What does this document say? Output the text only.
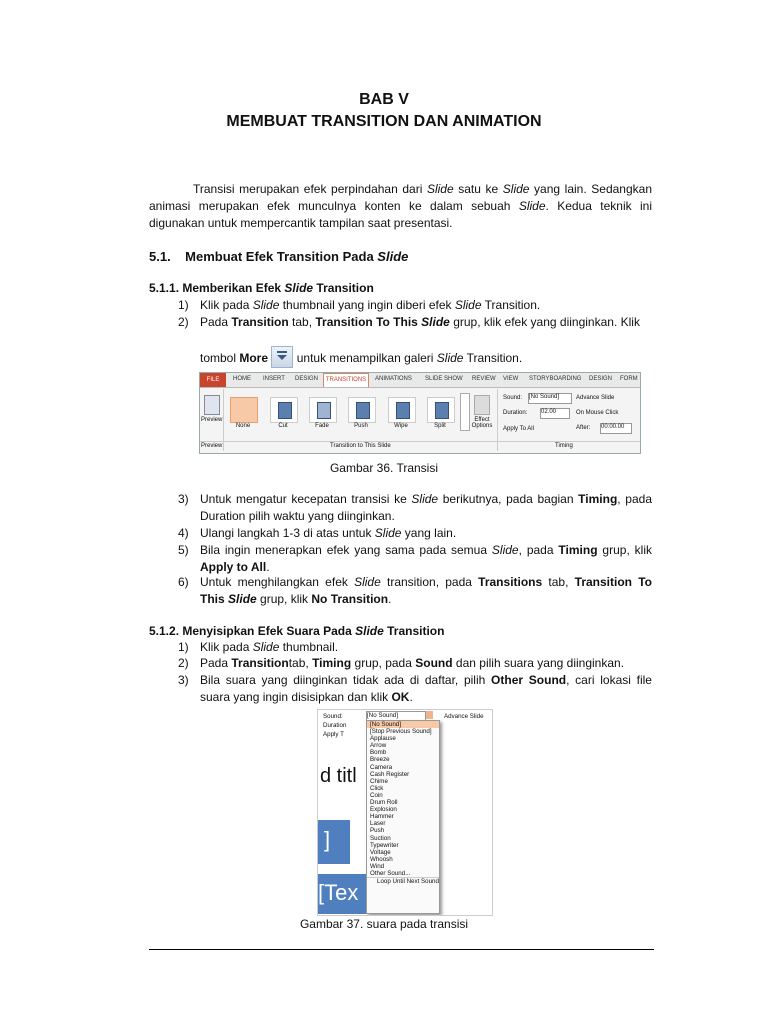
BAB V
MEMBUAT TRANSITION DAN ANIMATION
Transisi merupakan efek perpindahan dari Slide satu ke Slide yang lain. Sedangkan animasi merupakan efek munculnya konten ke dalam sebuah Slide. Kedua teknik ini digunakan untuk mempercantik tampilan saat presentasi.
5.1.    Membuat Efek Transition Pada Slide
5.1.1. Memberikan Efek Slide Transition
1) Klik pada Slide thumbnail yang ingin diberi efek Slide Transition.
2) Pada Transition tab, Transition To This Slide grup, klik efek yang diinginkan. Klik
tombol More
untuk menampilkan galeri Slide Transition.
FILE	HOME INSERT DESIGN	TRANSITIONS	ANIMATIONS SLIDE SHOW REVIEW VIEW STORYBOARDING DESIGN FORM
Preview
Preview
None	Cut	Fade	Push	Wipe	Split
Effect Options
Transition to This Slide
Sound: [No Sound]
Duration: 02.00
Apply To All
Advance Slide
On Mouse Click
After: 00:00.00
Timing
Gambar 36. Transisi
3) Untuk mengatur kecepatan transisi ke Slide berikutnya, pada bagian Timing, pada Duration pilih waktu yang diinginkan.
4) Ulangi langkah 1-3 di atas untuk Slide yang lain.
5) Bila ingin menerapkan efek yang sama pada semua Slide, pada Timing grup, klik Apply to All.
6) Untuk menghilangkan efek Slide transition, pada Transitions tab, Transition To This Slide grup, klik No Transition.
5.1.2. Menyisipkan Efek Suara Pada Slide Transition
1) Klik pada Slide thumbnail.
2) Pada Transitiontab, Timing grup, pada Sound dan pilih suara yang diinginkan.
3) Bila suara yang diinginkan tidak ada di daftar, pilih Other Sound, cari lokasi file suara yang ingin disisipkan dan klik OK.
Sound:	[No Sound]	Advance Slide
Duration
Apply T
d titl
]
[Tex
[No Sound]
[Stop Previous Sound]
Applause
Arrow
Bomb
Breeze
Camera
Cash Register
Chime
Click
Coin
Drum Roll
Explosion
Hammer
Laser
Push
Suction
Typewriter
Voltage
Whoosh
Wind
Other Sound...
Loop Until Next Sound
Gambar 37. suara pada transisi
